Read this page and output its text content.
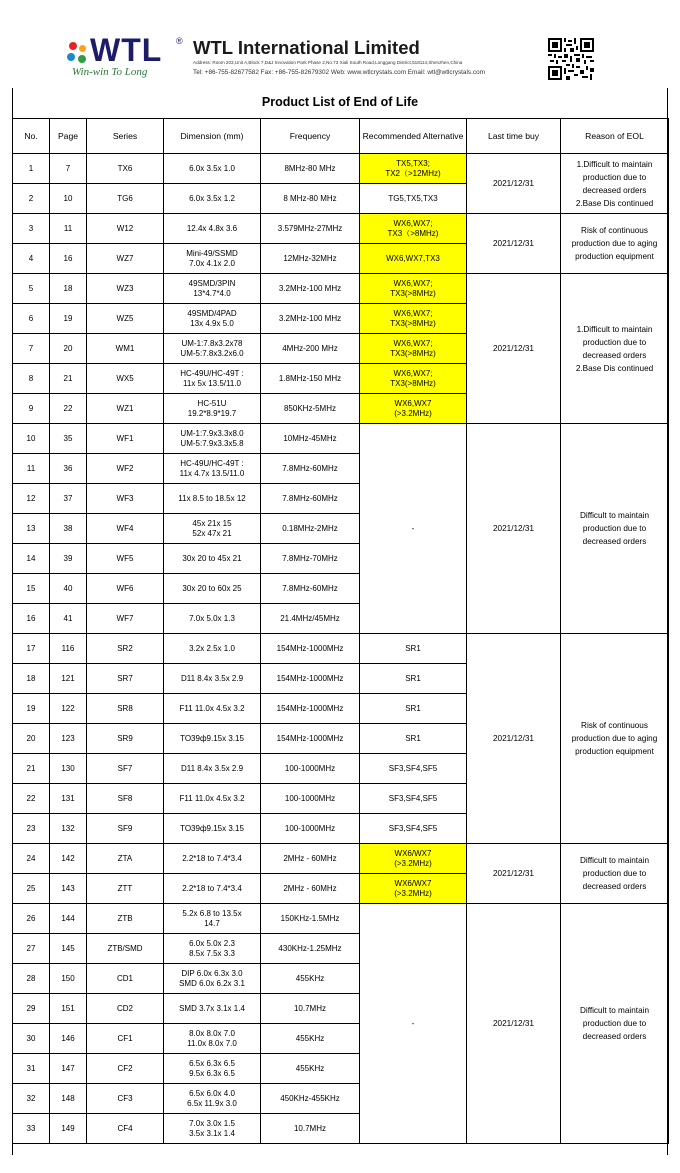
WTL ®
Win-win To Long
WTL International Limited
Address: Room 203,Unit A,Block 7,D&J Innovation Park Phase 2,No.73 Xiali South Road,Longgang District,518114,Shenzhen,China
Tel: +86-755-82677582 Fax: +86-755-82679302 Web: www.wtlcrystals.com Email: wtl@wtlcrystals.com
Product List of End of Life
No.	Page	Series	Dimension (mm)	Frequency	Recommended Alternative	Last time buy	Reason of EOL
1	7	TX6	6.0x 3.5x 1.0	8MHz-80 MHz	TX5,TX3;
TX2（>12MHz)	2021/12/31	1.Difficult to maintain production due to decreased orders
2.Base Dis continued
2	10	TG6	6.0x 3.5x 1.2	8 MHz-80 MHz	TG5,TX5,TX3		
3	11	W12	12.4x 4.8x 3.6	3.579MHz-27MHz	WX6,WX7;
TX3（>8MHz)	2021/12/31	Risk of continuous production due to aging production equipment
4	16	WZ7	Mini-49/SSMD
7.0x 4.1x 2.0	12MHz-32MHz	WX6,WX7,TX3		
5	18	WZ3	49SMD/3PIN
13*4.7*4.0	3.2MHz-100 MHz	WX6,WX7;
TX3(>8MHz)	2021/12/31	1.Difficult to maintain production due to decreased orders
2.Base Dis continued
6	19	WZ5	49SMD/4PAD
13x 4.9x 5.0	3.2MHz-100 MHz	WX6,WX7;
TX3(>8MHz)		
7	20	WM1	UM-1:7.8x3.2x78
UM-5:7.8x3.2x6.0	4MHz-200 MHz	WX6,WX7;
TX3(>8MHz)		
8	21	WX5	HC-49U/HC-49T :
11x 5x 13.5/11.0	1.8MHz-150 MHz	WX6,WX7;
TX3(>8MHz)		
9	22	WZ1	HC-51U
19.2*8.9*19.7	850KHz-5MHz	WX6,WX7
(>3.2MHz)		
10	35	WF1	UM-1:7.9x3.3x8.0
UM-5:7.9x3.3x5.8	10MHz-45MHz	-	2021/12/31	Difficult to maintain production due to decreased orders
11	36	WF2	HC-49U/HC-49T :
11x 4.7x 13.5/11.0	7.8MHz-60MHz			
12	37	WF3	11x 8.5 to 18.5x 12	7.8MHz-60MHz			
13	38	WF4	45x 21x 15
52x 47x 21	0.18MHz-2MHz			
14	39	WF5	30x 20 to 45x 21	7.8MHz-70MHz			
15	40	WF6	30x 20 to 60x 25	7.8MHz-60MHz			
16	41	WF7	7.0x 5.0x 1.3	21.4MHz/45MHz			
17	116	SR2	3.2x 2.5x 1.0	154MHz-1000MHz	SR1	2021/12/31	Risk of continuous production due to aging production equipment
18	121	SR7	D11 8.4x 3.5x 2.9	154MHz-1000MHz	SR1		
19	122	SR8	F11 11.0x 4.5x 3.2	154MHz-1000MHz	SR1		
20	123	SR9	TO39ф9.15x 3.15	154MHz-1000MHz	SR1		
21	130	SF7	D11 8.4x 3.5x 2.9	100-1000MHz	SF3,SF4,SF5		
22	131	SF8	F11 11.0x 4.5x 3.2	100-1000MHz	SF3,SF4,SF5		
23	132	SF9	TO39ф9.15x 3.15	100-1000MHz	SF3,SF4,SF5		
24	142	ZTA	2.2*18 to 7.4*3.4	2MHz - 60MHz	WX6/WX7
(>3.2MHz)	2021/12/31	Difficult to maintain production due to decreased orders
25	143	ZTT	2.2*18 to 7.4*3.4	2MHz - 60MHz	WX6/WX7
(>3.2MHz)		
26	144	ZTB	5.2x 6.8 to 13.5x
14.7	150KHz-1.5MHz	-	2021/12/31	Difficult to maintain production due to decreased orders
27	145	ZTB/SMD	6.0x 5.0x 2.3
8.5x 7.5x 3.3	430KHz-1.25MHz			
28	150	CD1	DIP 6.0x 6.3x 3.0
SMD 6.0x 6.2x 3.1	455KHz			
29	151	CD2	SMD 3.7x 3.1x 1.4	10.7MHz			
30	146	CF1	8.0x 8.0x 7.0
11.0x 8.0x 7.0	455KHz			
31	147	CF2	6.5x 6.3x 6.5
9.5x 6.3x 6.5	455KHz			
32	148	CF3	6.5x 6.0x 4.0
6.5x 11.9x 3.0	450KHz-455KHz			
33	149	CF4	7.0x 3.0x 1.5
3.5x 3.1x 1.4	10.7MHz			
